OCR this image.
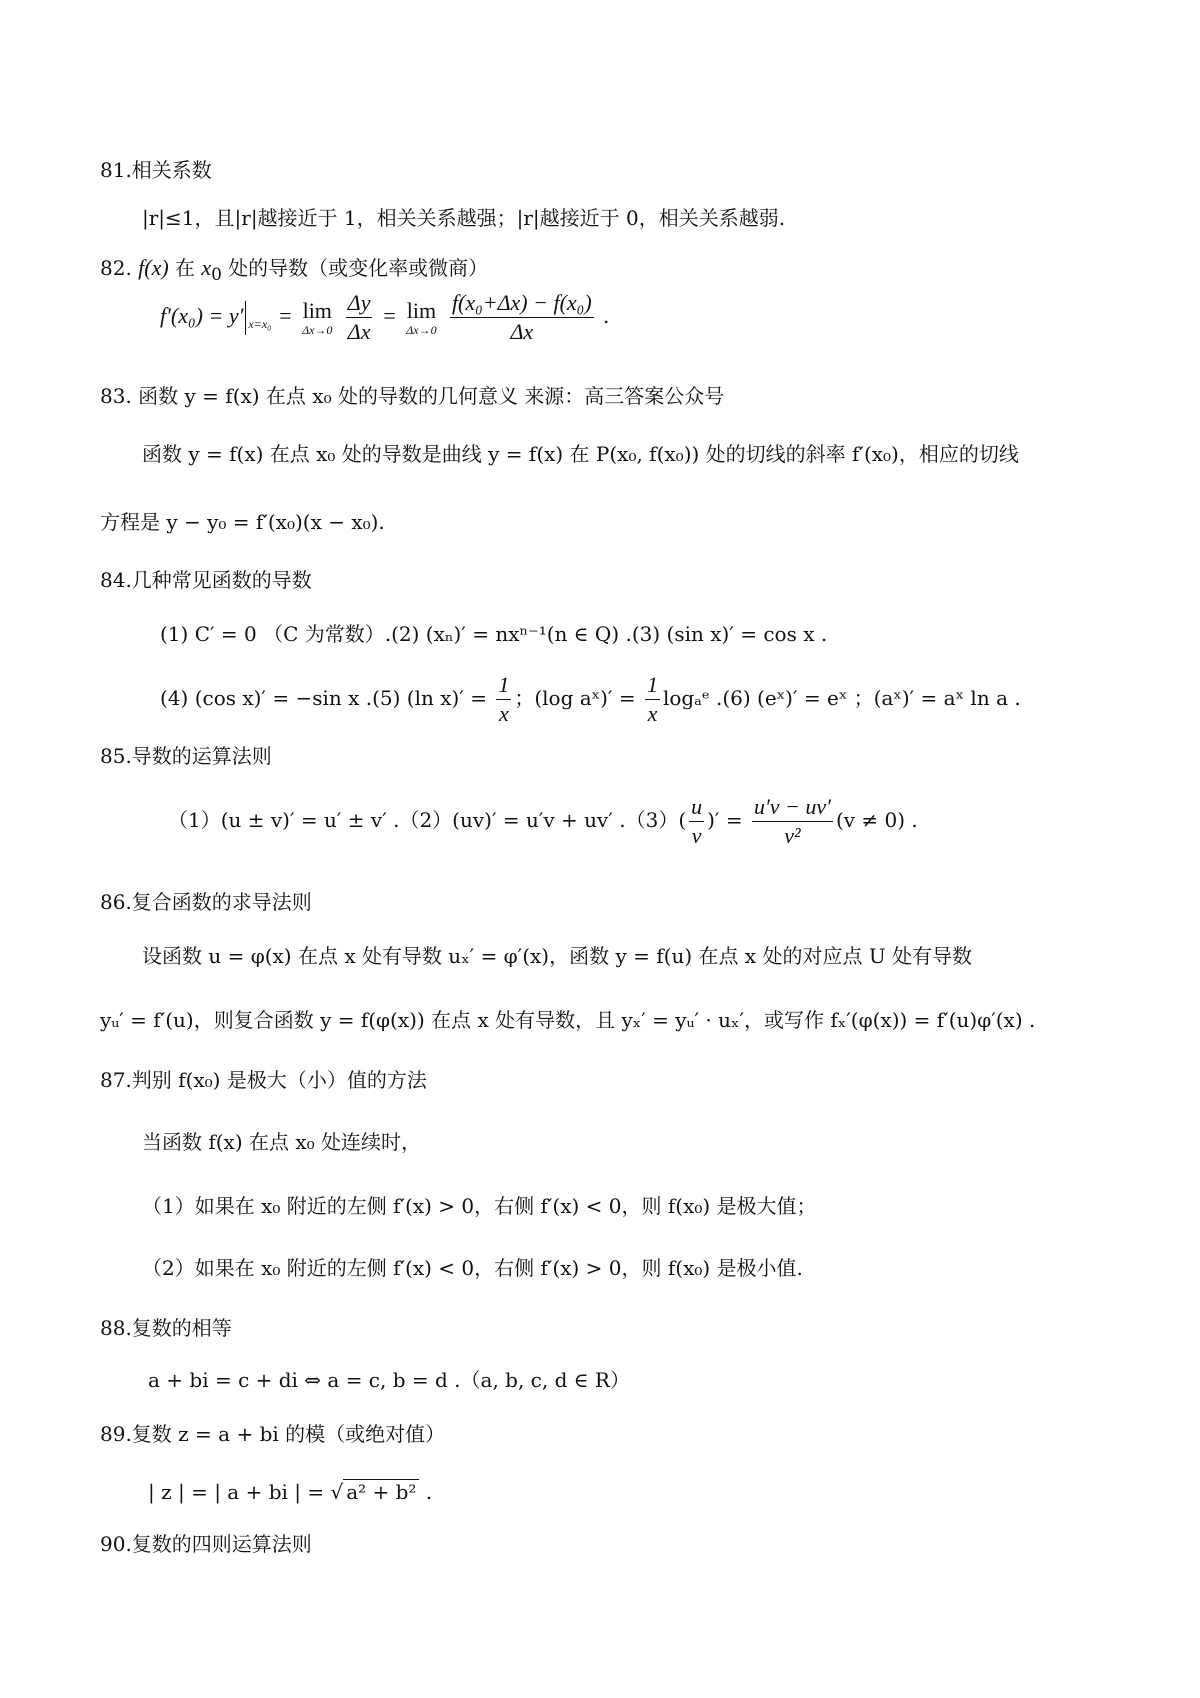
81.相关系数
|r|≤1，且|r|越接近于 1，相关关系越强；|r|越接近于 0，相关关系越弱.
82. f(x) 在 $x_0$ 处的导数（或变化率或微商）
f′(x₀) = y′ $_{x=x_0}$ = lim
Δx→0
$\frac{\Delta y}{\Delta x} = \lim$
Δx→0
$\frac{\text{f(x₀+Δx) − f(x₀)}}{\Delta x}$ .
83. 函数 y = f(x) 在点 x₀ 处的导数的几何意义 来源：高三答案公众号
函数 y = f(x) 在点 x₀ 处的导数是曲线 y = f(x) 在 P(x₀, f(x₀)) 处的切线的斜率 f′(x₀)，相应的切线
方程是 y − y₀ = f′(x₀)(x − x₀).
84.几种常见函数的导数
(1) C′ = 0 （C 为常数）.(2) (xₙ)′ = nxⁿ⁻¹(n ∈ Q) .(3) (sin x)′ = cos x .
(4) (cos x)′ = −sin x .(5) (ln $x)' = \frac{1}{x}$ ；(log aˣ)′ = $\frac{1}{x}$ logₐᵉ .(6) (eˣ)′ = eˣ ；(aˣ)′ = aˣ ln a .
85.导数的运算法则
（1）(u ± v)′ = u′ ± v′ .（2）(uv)′ = u′v + uv′ $.(3)( \frac{u}{v}$ )′ = $\frac{u'v - uv'}{\text{v²}} (v \ne 0)$ .
86.复合函数的求导法则
设函数 u = φ(x) 在点 x 处有导数 uₓ′ = φ′(x)，函数 y = f(u) 在点 x 处的对应点 U 处有导数
yᵤ′ = f′(u)，则复合函数 y = f(φ(x)) 在点 x 处有导数，且 yₓ′ = yᵤ′ · uₓ′，或写作 fₓ′(φ(x)) = f′(u)φ′(x) .
87.判别 f(x₀) 是极大（小）值的方法
当函数 f(x) 在点 x₀ 处连续时，
（1）如果在 x₀ 附近的左侧 f′(x) > 0，右侧 f′(x) < 0，则 f(x₀) 是极大值；
（2）如果在 x₀ 附近的左侧 f′(x) < 0，右侧 f′(x) > 0，则 f(x₀) 是极小值.
88.复数的相等
a + bi = c + di ⇔ a = c, b = d .（a, b, c, d ∈ R）
89.复数 z = a + bi 的模（或绝对值）
| z | = | a + bi | = √ a² + b² .
90.复数的四则运算法则
